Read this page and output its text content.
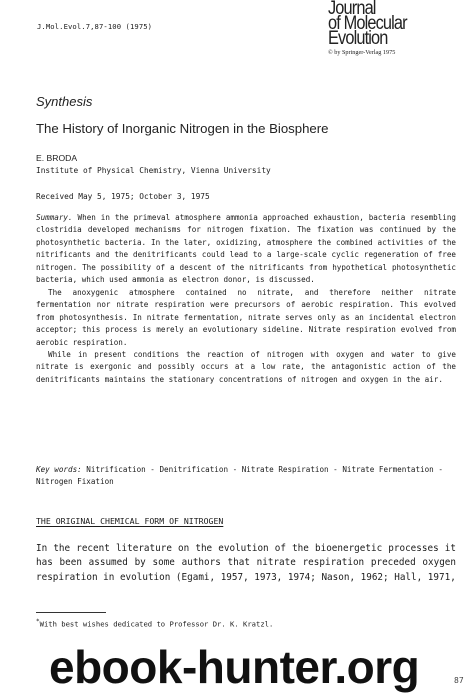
J.Mol.Evol.7,87-100 (1975)
Journal
of Molecular
Evolution
© by Springer-Verlag 1975
Synthesis
The History of Inorganic Nitrogen in the Biosphere
E. BRODA
Institute of Physical Chemistry, Vienna University
Received May 5, 1975; October 3, 1975

Summary. When in the primeval atmosphere ammonia approached exhaustion, bacteria resembling clostridia developed mechanisms for nitrogen fixation. The fixation was continued by the photosynthetic bacteria. In the later, oxidizing, atmosphere the combined activities of the nitrificants and the denitrificants could lead to a large-scale cyclic regeneration of free nitrogen. The possibility of a descent of the nitrificants from hypothetical photosynthetic bacteria, which used ammonia as electron donor, is discussed.

The anoxygenic atmosphere contained no nitrate, and therefore neither nitrate fermentation nor nitrate respiration were precursors of aerobic respiration. This evolved from photosynthesis. In nitrate fermentation, nitrate serves only as an incidental electron acceptor; this process is merely an evolutionary sideline. Nitrate respiration evolved from aerobic respiration.

While in present conditions the reaction of nitrogen with oxygen and water to give nitrate is exergonic and possibly occurs at a low rate, the antagonistic action of the denitrificants maintains the stationary concentrations of nitrogen and oxygen in the air.

Key words: Nitrification - Denitrification - Nitrate Respiration - Nitrate Fermentation - Nitrogen Fixation
THE ORIGINAL CHEMICAL FORM OF NITROGEN
In the recent literature on the evolution of the bioenergetic processes it has been assumed by some authors that nitrate respiration preceded oxygen respiration in evolution (Egami, 1957, 1973, 1974; Nason, 1962; Hall, 1971,
*With best wishes dedicated to Professor Dr. K. Kratzl.
ebook-hunter.org	87
